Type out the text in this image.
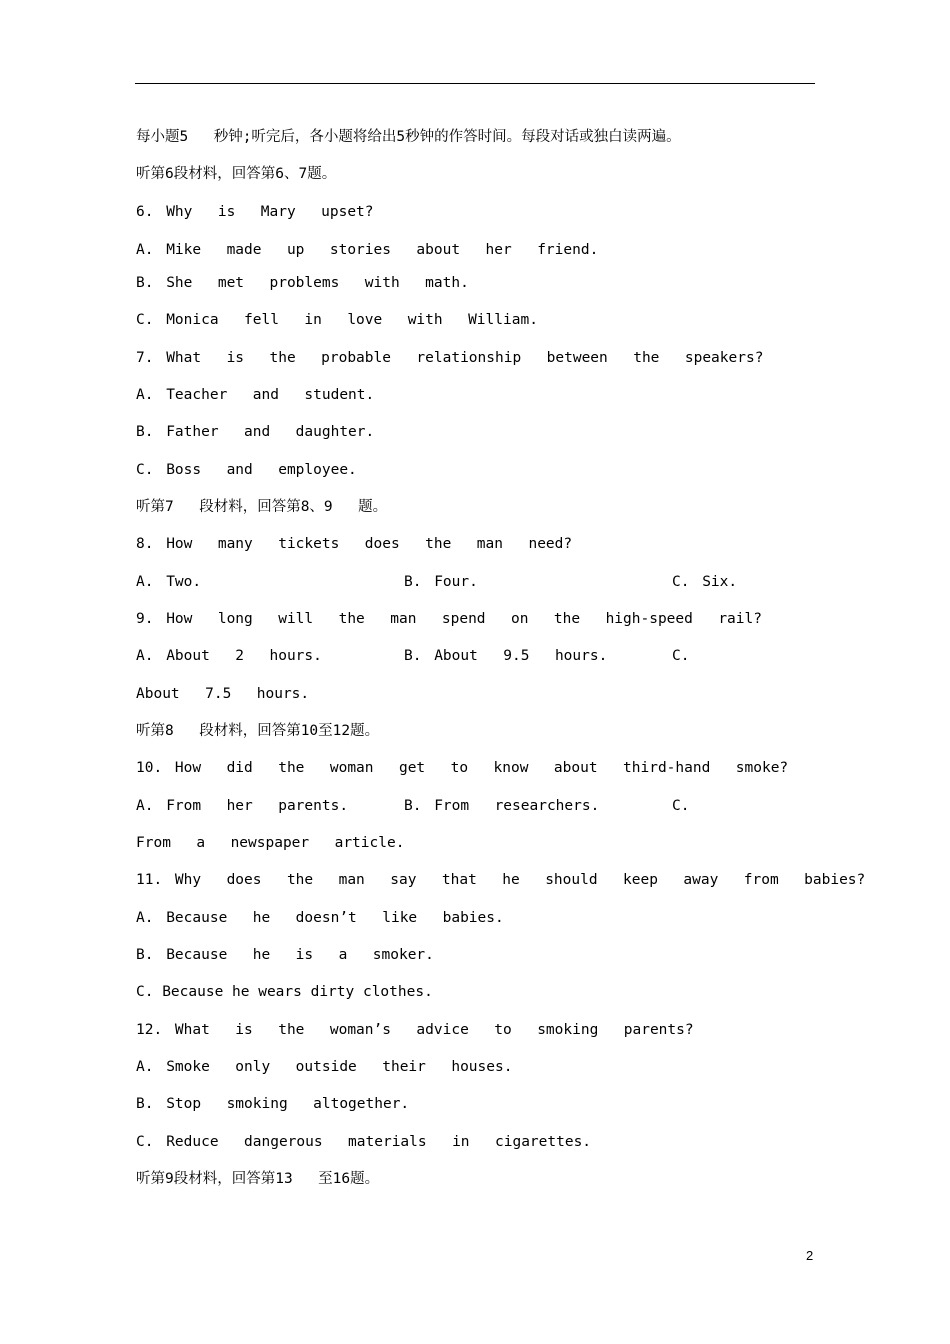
每小题5  秒钟;听完后，各小题将给出5秒钟的作答时间。每段对话或独白读两遍。
听第6段材料，回答第6、7题。
6. Why  is  Mary  upset?
A. Mike  made  up  stories  about  her  friend.
B. She  met  problems  with  math.
C. Monica  fell  in  love  with  William.
7. What  is  the  probable  relationship  between  the  speakers?
A. Teacher  and  student.
B. Father  and  daughter.
C. Boss  and  employee.
听第7  段材料，回答第8、9  题。
8. How  many  tickets  does  the  man  need?
A. Two.	B. Four.	C. Six.
9. How  long  will  the  man  spend  on  the  high-speed  rail?
A. About  2  hours.	B. About  9.5  hours.	C.
About  7.5  hours.
听第8  段材料，回答第10至12题。
10. How  did  the  woman  get  to  know  about  third-hand  smoke?
A. From  her  parents.	B. From  researchers.	C.
From  a  newspaper  article.
11. Why  does  the  man  say  that  he  should  keep  away  from  babies?
A. Because  he  doesn’t  like  babies.
B. Because  he  is  a  smoker.
C. Because he wears dirty clothes.
12. What  is  the  woman’s  advice  to  smoking  parents?
A. Smoke  only  outside  their  houses.
B. Stop  smoking  altogether.
C. Reduce  dangerous  materials  in  cigarettes.
听第9段材料，回答第13  至16题。
2
